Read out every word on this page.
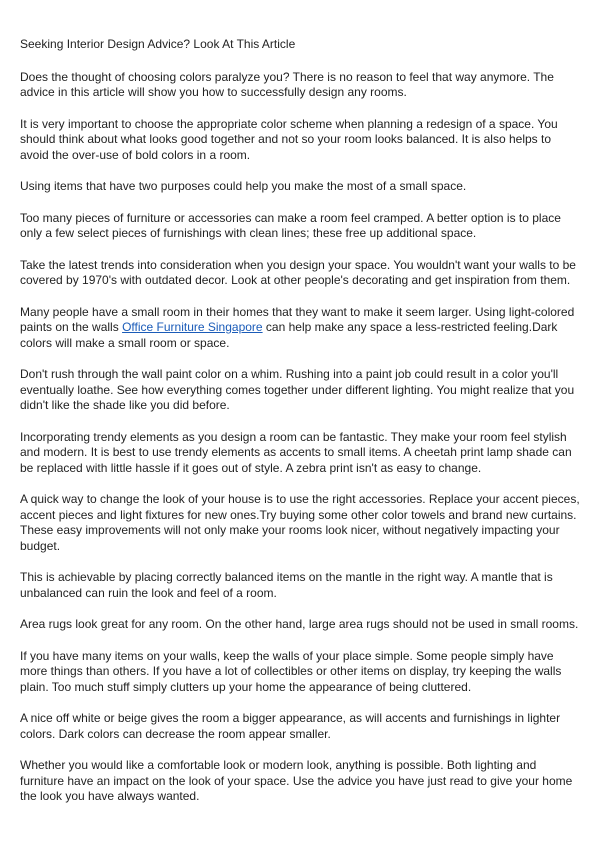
Seeking Interior Design Advice? Look At This Article

Does the thought of choosing colors paralyze you? There is no reason to feel that way anymore. The advice in this article will show you how to successfully design any rooms.

It is very important to choose the appropriate color scheme when planning a redesign of a space. You should think about what looks good together and not so your room looks balanced. It is also helps to avoid the over-use of bold colors in a room.

Using items that have two purposes could help you make the most of a small space.

Too many pieces of furniture or accessories can make a room feel cramped. A better option is to place only a few select pieces of furnishings with clean lines; these free up additional space.

Take the latest trends into consideration when you design your space. You wouldn't want your walls to be covered by 1970's with outdated decor. Look at other people's decorating and get inspiration from them.

Many people have a small room in their homes that they want to make it seem larger. Using light-colored paints on the walls Office Furniture Singapore can help make any space a less-restricted feeling.Dark colors will make a small room or space.

Don't rush through the wall paint color on a whim. Rushing into a paint job could result in a color you'll eventually loathe. See how everything comes together under different lighting. You might realize that you didn't like the shade like you did before.

Incorporating trendy elements as you design a room can be fantastic. They make your room feel stylish and modern. It is best to use trendy elements as accents to small items. A cheetah print lamp shade can be replaced with little hassle if it goes out of style. A zebra print isn't as easy to change.

A quick way to change the look of your house is to use the right accessories. Replace your accent pieces, accent pieces and light fixtures for new ones.Try buying some other color towels and brand new curtains. These easy improvements will not only make your rooms look nicer, without negatively impacting your budget.

This is achievable by placing correctly balanced items on the mantle in the right way. A mantle that is unbalanced can ruin the look and feel of a room.

Area rugs look great for any room. On the other hand, large area rugs should not be used in small rooms.

If you have many items on your walls, keep the walls of your place simple. Some people simply have more things than others. If you have a lot of collectibles or other items on display, try keeping the walls plain. Too much stuff simply clutters up your home the appearance of being cluttered.

A nice off white or beige gives the room a bigger appearance, as will accents and furnishings in lighter colors. Dark colors can decrease the room appear smaller.

Whether you would like a comfortable look or modern look, anything is possible. Both lighting and furniture have an impact on the look of your space. Use the advice you have just read to give your home the look you have always wanted.
